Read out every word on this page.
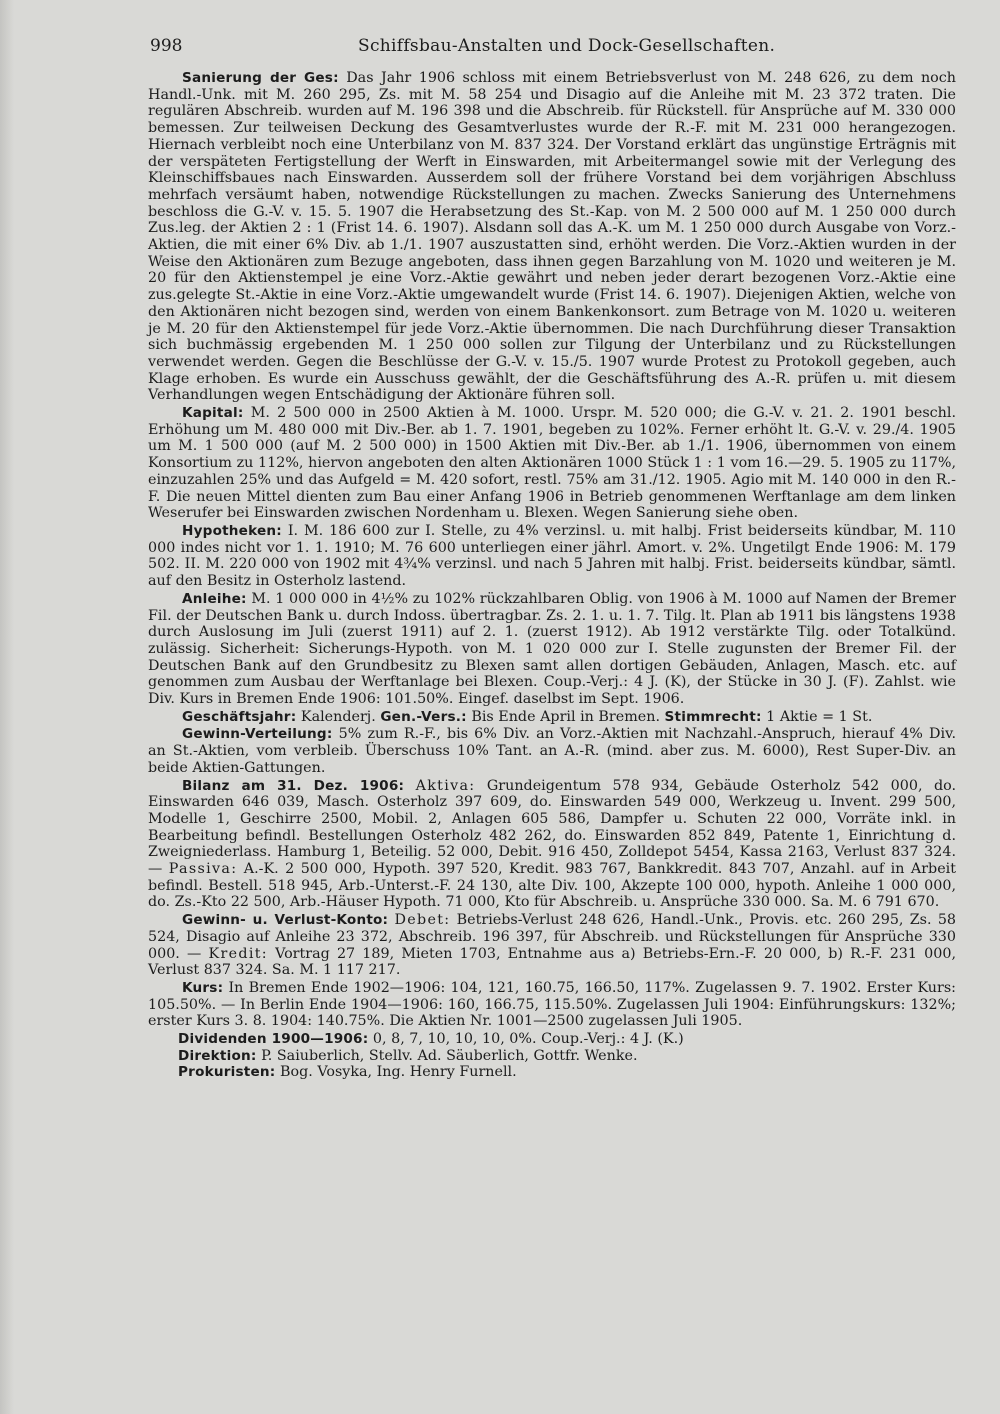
998	Schiffsbau-Anstalten und Dock-Gesellschaften.

Sanierung der Ges: Das Jahr 1906 schloss mit einem Betriebsverlust von M. 248 626, zu dem noch Handl.-Unk. mit M. 260 295, Zs. mit M. 58 254 und Disagio auf die Anleihe mit M. 23 372 traten. Die regulären Abschreib. wurden auf M. 196 398 und die Abschreib. für Rückstell. für Ansprüche auf M. 330 000 bemessen. Zur teilweisen Deckung des Gesamtverlustes wurde der R.-F. mit M. 231 000 herangezogen. Hiernach verbleibt noch eine Unterbilanz von M. 837 324. Der Vorstand erklärt das ungünstige Erträgnis mit der verspäteten Fertigstellung der Werft in Einswarden, mit Arbeitermangel sowie mit der Verlegung des Kleinschiffsbaues nach Einswarden. Ausserdem soll der frühere Vorstand bei dem vorjährigen Abschluss mehrfach versäumt haben, notwendige Rückstellungen zu machen. Zwecks Sanierung des Unternehmens beschloss die G.-V. v. 15. 5. 1907 die Herabsetzung des St.-Kap. von M. 2 500 000 auf M. 1 250 000 durch Zus.leg. der Aktien 2 : 1 (Frist 14. 6. 1907). Alsdann soll das A.-K. um M. 1 250 000 durch Ausgabe von Vorz.-Aktien, die mit einer 6% Div. ab 1./1. 1907 auszustatten sind, erhöht werden. Die Vorz.-Aktien wurden in der Weise den Aktionären zum Bezuge angeboten, dass ihnen gegen Barzahlung von M. 1020 und weiteren je M. 20 für den Aktienstempel je eine Vorz.-Aktie gewährt und neben jeder derart bezogenen Vorz.-Aktie eine zus.gelegte St.-Aktie in eine Vorz.-Aktie umgewandelt wurde (Frist 14. 6. 1907). Diejenigen Aktien, welche von den Aktionären nicht bezogen sind, werden von einem Bankenkonsort. zum Betrage von M. 1020 u. weiteren je M. 20 für den Aktienstempel für jede Vorz.-Aktie übernommen. Die nach Durchführung dieser Transaktion sich buchmässig ergebenden M. 1 250 000 sollen zur Tilgung der Unterbilanz und zu Rückstellungen verwendet werden. Gegen die Beschlüsse der G.-V. v. 15./5. 1907 wurde Protest zu Protokoll gegeben, auch Klage erhoben. Es wurde ein Ausschuss gewählt, der die Geschäftsführung des A.-R. prüfen u. mit diesem Verhandlungen wegen Entschädigung der Aktionäre führen soll.

Kapital: M. 2 500 000 in 2500 Aktien à M. 1000. Urspr. M. 520 000; die G.-V. v. 21. 2. 1901 beschl. Erhöhung um M. 480 000 mit Div.-Ber. ab 1. 7. 1901, begeben zu 102%. Ferner erhöht lt. G.-V. v. 29./4. 1905 um M. 1 500 000 (auf M. 2 500 000) in 1500 Aktien mit Div.-Ber. ab 1./1. 1906, übernommen von einem Konsortium zu 112%, hiervon angeboten den alten Aktionären 1000 Stück 1 : 1 vom 16.—29. 5. 1905 zu 117%, einzuzahlen 25% und das Aufgeld = M. 420 sofort, restl. 75% am 31./12. 1905. Agio mit M. 140 000 in den R.-F. Die neuen Mittel dienten zum Bau einer Anfang 1906 in Betrieb genommenen Werftanlage am dem linken Weserufer bei Einswarden zwischen Nordenham u. Blexen. Wegen Sanierung siehe oben.

Hypotheken: I. M. 186 600 zur I. Stelle, zu 4% verzinsl. u. mit halbj. Frist beiderseits kündbar, M. 110 000 indes nicht vor 1. 1. 1910; M. 76 600 unterliegen einer jährl. Amort. v. 2%. Ungetilgt Ende 1906: M. 179 502. II. M. 220 000 von 1902 mit 4¾% verzinsl. und nach 5 Jahren mit halbj. Frist. beiderseits kündbar, sämtl. auf den Besitz in Osterholz lastend.

Anleihe: M. 1 000 000 in 4½% zu 102% rückzahlbaren Oblig. von 1906 à M. 1000 auf Namen der Bremer Fil. der Deutschen Bank u. durch Indoss. übertragbar. Zs. 2. 1. u. 1. 7. Tilg. lt. Plan ab 1911 bis längstens 1938 durch Auslosung im Juli (zuerst 1911) auf 2. 1. (zuerst 1912). Ab 1912 verstärkte Tilg. oder Totalkünd. zulässig. Sicherheit: Sicherungs-Hypoth. von M. 1 020 000 zur I. Stelle zugunsten der Bremer Fil. der Deutschen Bank auf den Grundbesitz zu Blexen samt allen dortigen Gebäuden, Anlagen, Masch. etc. auf genommen zum Ausbau der Werftanlage bei Blexen. Coup.-Verj.: 4 J. (K), der Stücke in 30 J. (F). Zahlst. wie Div. Kurs in Bremen Ende 1906: 101.50%. Eingef. daselbst im Sept. 1906.

Geschäftsjahr: Kalenderj. Gen.-Vers.: Bis Ende April in Bremen. Stimmrecht: 1 Aktie = 1 St.

Gewinn-Verteilung: 5% zum R.-F., bis 6% Div. an Vorz.-Aktien mit Nachzahl.-Anspruch, hierauf 4% Div. an St.-Aktien, vom verbleib. Überschuss 10% Tant. an A.-R. (mind. aber zus. M. 6000), Rest Super-Div. an beide Aktien-Gattungen.

Bilanz am 31. Dez. 1906: Aktiva: Grundeigentum 578 934, Gebäude Osterholz 542 000, do. Einswarden 646 039, Masch. Osterholz 397 609, do. Einswarden 549 000, Werkzeug u. Invent. 299 500, Modelle 1, Geschirre 2500, Mobil. 2, Anlagen 605 586, Dampfer u. Schuten 22 000, Vorräte inkl. in Bearbeitung befindl. Bestellungen Osterholz 482 262, do. Einswarden 852 849, Patente 1, Einrichtung d. Zweigniederlass. Hamburg 1, Beteilig. 52 000, Debit. 916 450, Zolldepot 5454, Kassa 2163, Verlust 837 324. — Passiva: A.-K. 2 500 000, Hypoth. 397 520, Kredit. 983 767, Bankkredit. 843 707, Anzahl. auf in Arbeit befindl. Bestell. 518 945, Arb.-Unterst.-F. 24 130, alte Div. 100, Akzepte 100 000, hypoth. Anleihe 1 000 000, do. Zs.-Kto 22 500, Arb.-Häuser Hypoth. 71 000, Kto für Abschreib. u. Ansprüche 330 000. Sa. M. 6 791 670.

Gewinn- u. Verlust-Konto: Debet: Betriebs-Verlust 248 626, Handl.-Unk., Provis. etc. 260 295, Zs. 58 524, Disagio auf Anleihe 23 372, Abschreib. 196 397, für Abschreib. und Rückstellungen für Ansprüche 330 000. — Kredit: Vortrag 27 189, Mieten 1703, Entnahme aus a) Betriebs-Ern.-F. 20 000, b) R.-F. 231 000, Verlust 837 324. Sa. M. 1 117 217.

Kurs: In Bremen Ende 1902—1906: 104, 121, 160.75, 166.50, 117%. Zugelassen 9. 7. 1902. Erster Kurs: 105.50%. — In Berlin Ende 1904—1906: 160, 166.75, 115.50%. Zugelassen Juli 1904: Einführungskurs: 132%; erster Kurs 3. 8. 1904: 140.75%. Die Aktien Nr. 1001—2500 zugelassen Juli 1905.

Dividenden 1900—1906: 0, 8, 7, 10, 10, 10, 0%. Coup.-Verj.: 4 J. (K.)

Direktion: P. Saiuberlich, Stellv. Ad. Säuberlich, Gottfr. Wenke.

Prokuristen: Bog. Vosyka, Ing. Henry Furnell.
